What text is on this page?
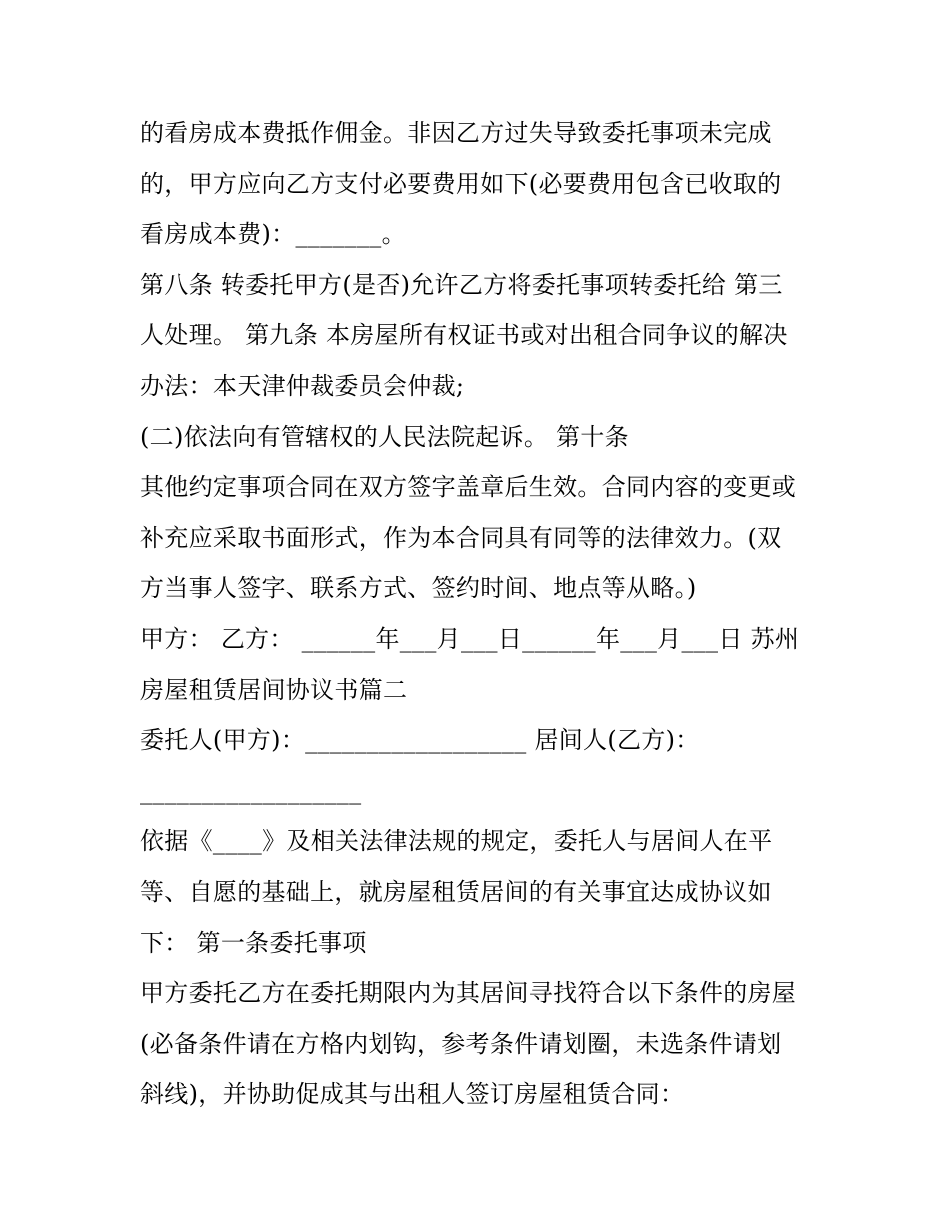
的看房成本费抵作佣金。非因乙方过失导致委托事项未完成
的，甲方应向乙方支付必要费用如下(必要费用包含已收取的
看房成本费)：_______。
第八条 转委托甲方(是否)允许乙方将委托事项转委托给 第三
人处理。 第九条 本房屋所有权证书或对出租合同争议的解决
办法：本天津仲裁委员会仲裁;
(二)依法向有管辖权的人民法院起诉。 第十条
其他约定事项合同在双方签字盖章后生效。合同内容的变更或
补充应采取书面形式，作为本合同具有同等的法律效力。(双
方当事人签字、联系方式、签约时间、地点等从略。)
甲方： 乙方： ______年___月___日______年___月___日 苏州
房屋租赁居间协议书篇二
委托人(甲方)：__________________ 居间人(乙方)：
__________________
依据《____》及相关法律法规的规定，委托人与居间人在平
等、自愿的基础上，就房屋租赁居间的有关事宜达成协议如
下： 第一条委托事项
甲方委托乙方在委托期限内为其居间寻找符合以下条件的房屋
(必备条件请在方格内划钩，参考条件请划圈，未选条件请划
斜线)，并协助促成其与出租人签订房屋租赁合同：
